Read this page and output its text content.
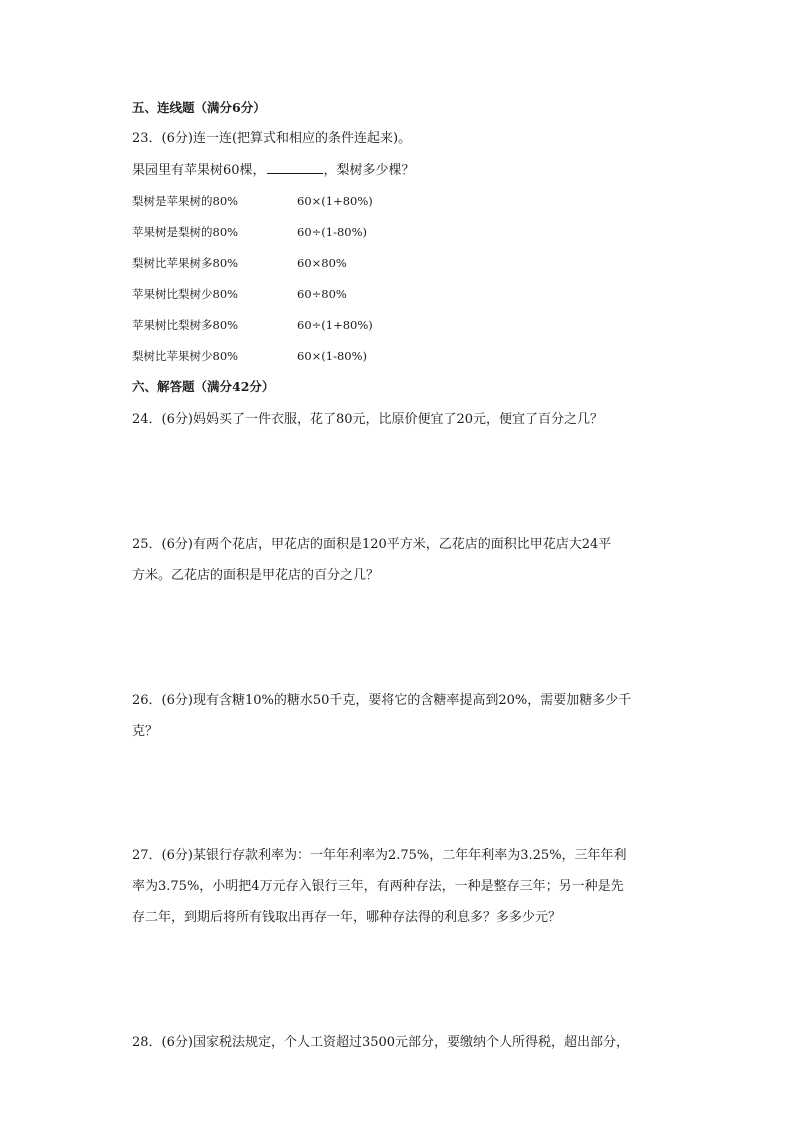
五、连线题（满分6分）
23．(6分)连一连(把算式和相应的条件连起来)。
果园里有苹果树60棵，	，梨树多少棵？
梨树是苹果树的80%	60×(1+80%)
苹果树是梨树的80%	60÷(1-80%)
梨树比苹果树多80%	60×80%
苹果树比梨树少80%	60÷80%
苹果树比梨树多80%	60÷(1+80%)
梨树比苹果树少80%	60×(1-80%)
六、解答题（满分42分）
24．(6分)妈妈买了一件衣服，花了80元，比原价便宜了20元，便宜了百分之几？
25．(6分)有两个花店，甲花店的面积是120平方米，乙花店的面积比甲花店大24平
方米。乙花店的面积是甲花店的百分之几？
26．(6分)现有含糖10%的糖水50千克，要将它的含糖率提高到20%，需要加糖多少千
克？
27．(6分)某银行存款利率为：一年年利率为2.75%，二年年利率为3.25%，三年年利
率为3.75%，小明把4万元存入银行三年，有两种存法，一种是整存三年；另一种是先
存二年，到期后将所有钱取出再存一年，哪种存法得的利息多？多多少元？
28．(6分)国家税法规定，个人工资超过3500元部分，要缴纳个人所得税，超出部分，
